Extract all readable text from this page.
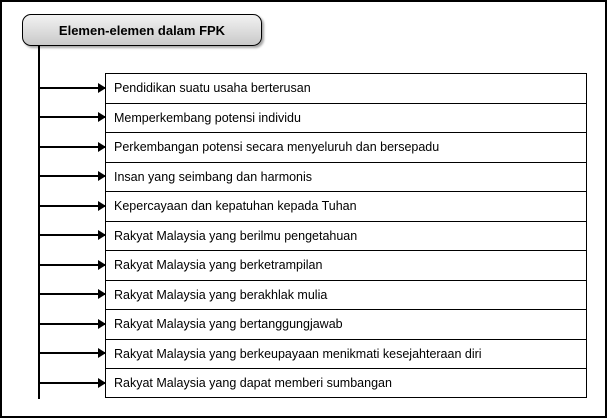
Elemen-elemen dalam FPK
Pendidikan suatu usaha berterusan
Memperkembang potensi individu
Perkembangan potensi secara menyeluruh dan bersepadu
Insan yang seimbang dan harmonis
Kepercayaan dan kepatuhan kepada Tuhan
Rakyat Malaysia yang berilmu pengetahuan
Rakyat Malaysia yang berketrampilan
Rakyat Malaysia yang berakhlak mulia
Rakyat Malaysia yang bertanggungjawab
Rakyat Malaysia yang berkeupayaan menikmati kesejahteraan diri
Rakyat Malaysia yang dapat memberi sumbangan
